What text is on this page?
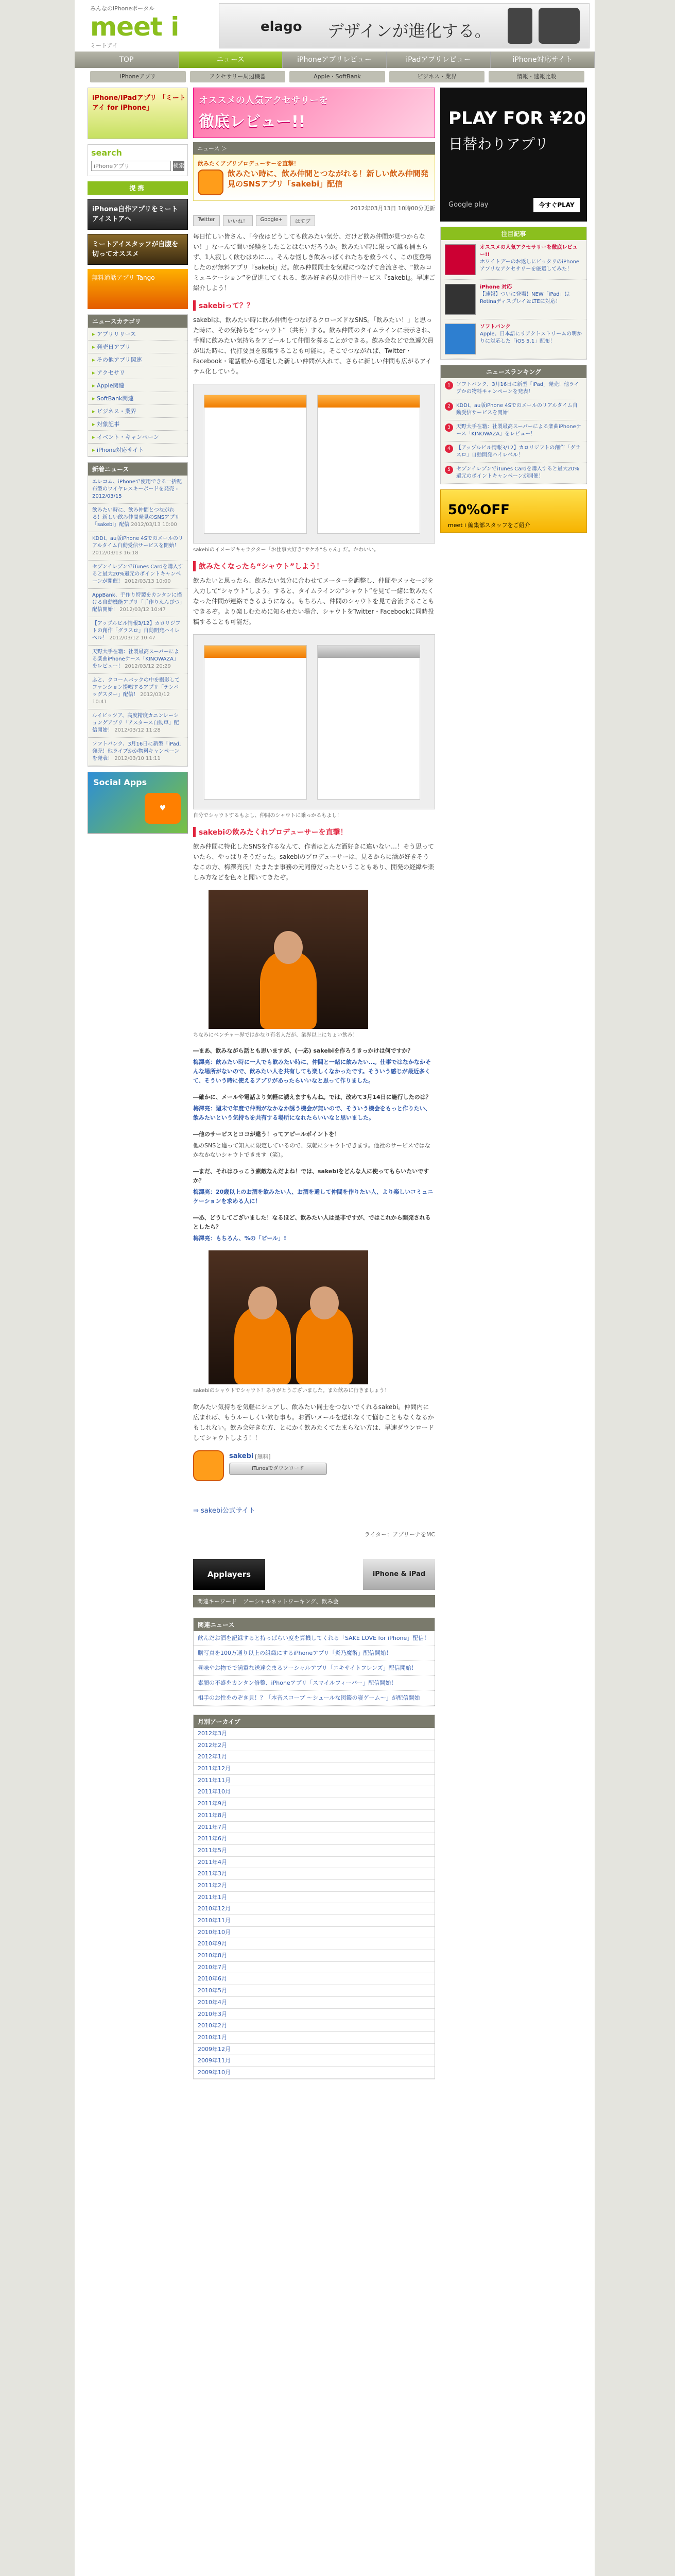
みんなのiPhoneポータル
meet i
ミートアイ
elago デザインが進化する。
TOP	ニュース	iPhoneアプリレビュー	iPadアプリレビュー	iPhone対応サイト
iPhoneアプリ	アクセサリー周辺機器	Apple・SoftBank	ビジネス・業界	情報・速報比較
iPhone/iPadアプリ 「ミートアイ for iPhone」
search
iPhoneアプリ
検索
提携
iPhone自作アプリをミートアイストアへ
ミートアイスタッフが自腹を切ってオススメ
無料通話アプリ Tango
ニュースカテゴリ
▸ アプリリリース
▸ 発売日アプリ
▸ その他アプリ関連
▸ アクセサリ
▸ Apple関連
▸ SoftBank関連
▸ ビジネス・業界
▸ 対象記事
▸ イベント・キャンペーン
▸ iPhone対応サイト
新着ニュース
エレコム、iPhoneで使用できる一括配布型のワイヤレスキーボードを発売 - 2012/03/15
飲みたい時に、飲み仲間とつながれる！新しい飲み仲間発見のSNSアプリ「sakebi」配信 2012/03/13 10:00
KDDI、au版iPhone 4Sでのメールのリアルタイム自動受信サービスを開始！ 2012/03/13 16:18
セブンイレブンでiTunes Cardを購入すると最大20%還元のポイントキャンペーンが開催！ 2012/03/13 10:00
AppBank、手作り特製をカンタンに描ける自動機能アプリ「手作りえんぴつ」配信開始！ 2012/03/12 10:47
【アップルビル情報3/12】カロリジフトの創作「グラスロ」自動開発ハイレベル！ 2012/03/12 10:47
天野大手在籍：社製最高スーパーによる楽曲iPhoneケース「KINOWAZA」をレビュー！ 2012/03/12 20:29
ふと、クロームバックの中を撮影してファンション提唱するアプリ「テンバッグスター」配信！ 2012/03/12 10:41
ルイビッツア、高度精度カニンレーショングアプリ「アスタース自動車」配信開始！ 2012/03/12 11:28
ソフトバンク、3月16日に新型「iPad」発売！他ライブかか物料キャンペーンを発表！ 2012/03/10 11:11
Social Apps
♥
オススメの人気アクセサリーを
徹底レビュー!!
ニュース ＞
飲みたくアプリプロデューサーを直撃！
飲みたい時に、飲み仲間とつながれる！新しい飲み仲間発見のSNSアプリ「sakebi」配信
2012年03月13日 10時00分更新
Twitter	いいね！	Google+	はてブ

毎日忙しい皆さん、「今夜はどうしても飲みたい気分、だけど飲み仲間が見つからない！」なーんて間い経験をしたことはないだろうか。飲みたい時に限って誰も捕まらず、1人寂しく飲むはめに…。そんな悩しき飲みっぱくれたちを救うべく、この度登場したのが無料アプリ『sakebi』だ。飲み仲間同士を気軽につなげて合流させ、“飲みコミュニケーション”を促進してくれる、飲み好き必見の注目サービス『sakebi』。早速ご紹介しよう！

sakebiって？？

sakebiは、飲みたい時に飲み仲間をつなげるクローズドなSNS。「飲みたい！」と思った時に、その気持ちを“シャウト”（共有）する。飲み仲間のタイムラインに表示され、手軽に飲みたい気持ちをアピールして仲間を募ることができる。飲み会などで急遽欠員が出た時に、代打要員を募集することも可能に。そこでつながれば、Twitter・Facebook・電話帳から選定した新しい仲間が入れて、さらに新しい仲間も広がるアイテム化していう。

sakebiのイメージキャラクター「お仕事大好き”サケネ”ちゃん」だ。かわいい。
飲みたくなったら“シャウト”しよう！

飲みたいと思ったら、飲みたい気分に合わせてメーターを調整し、仲間やメッセージを入力して“シャウト”しよう。すると、タイムラインの“シャウト”を見て一緒に飲みたくなった仲間が連絡できるようになる。もちろん、仲間のシャウトを見て合流することもできるぞ。より楽しむために知らせたい場合、シャウトをTwitter・Facebookに同時投稿することも可能だ。

自分でシャウトするもよし、仲間のシャウトに乗っかるもよし！
sakebiの飲みたくれプロデューサーを直撃！

飲み仲間に特化したSNSを作るなんて、作者はとんだ酒好きに違いない…！そう思っていたら、やっぱりそうだった。sakebiのプロデューサーは、見るからに酒が好きそうなこの方、梅澤亮氏！たまたま事務の元同僚だったということもあり、開発の経緯や楽しみ方などを色々と聞いてきたぞ。

ちなみにベンチャー界ではかなり有名人だが、業界以上にちょい飲み！
―まあ、飲みながら話とも思いますが、(一応) sakebiを作ろうきっかけは何ですか？
梅澤亮：飲みたい時に一人でも飲みたい時に、仲間と一緒に飲みたい…。仕事ではなかなかそんな場所がないので、飲みたい人を共有しても楽しくなかったです。そういう感じが最近多くて、そういう時に使えるアプリがあったらいいなと思って作りました。
―確かに、メールや電話より気軽に誘えますもんね。では、改めて3月14日に施行したのは？
梅澤亮：週末で年度で仲間がなかなか誘う機会が無いので、そういう機会をもっと作りたい、飲みたいという気持ちを共有する場所になれたらいいなと思いました。
―他のサービスとココが違う！ってアピールポイントを！
他のSNSと違って知人に限定しているので、気軽にシャウトできます。他社のサービスではなかなかないシャウトできます（笑）。
―まだ、それはひっこう素敵なんだよね！では、sakebiをどんな人に使ってもらいたいですか？
梅澤亮：20歳以上のお酒を飲みたい人、お酒を通して仲間を作りたい人、より楽しいコミュニケーションを求める人に！
―あ、どうしてございました！なるほど、飲みたい人は是非ですが、ではこれから開発されるとしたら？
梅澤亮：もちろん、%の「ビール」!
sakebiのシャウトでシャウト！ありがとうございました。また飲みに行きましょう！

飲みたい気持ちを気軽にシェアし、飲みたい同士をつないでくれるsakebi。仲間内に広まれば、もうルーしくい飲む事も。お酒いメールを送れなくて悩むこともなくなるかもしれない。飲み会好きな方、とにかく飲みたくてたまらない方は、早速ダウンロードしてシャウトしよう！！

sakebi [無料]
iTunesでダウンロード
⇒ sakebi公式サイト
ライター：アプリーナをMC
Applayers	iPhone & iPad
関連キーワード ソーシャルネットワーキング、飲み会
関連ニュース
飲んだお酒を記録すると持っぱらい度を算機してくれる「SAKE LOVE for iPhone」配信！
購写真を100万通り以上の組織にするiPhoneアプリ「炎乃魔術」配信開始！
昼味やお物でで満重な送達会まるソーシャルアプリ「エキサイトフレンズ」配信開始！
素顔の不盛をカンタン修整、iPhoneアプリ「スマイルフィーバー」配信開始！
相手のお性をのぞき見！？「本音スコープ ～シュールな図鑑の寝ゲーム～」が配信開始
月別アーカイブ
2012年3月
2012年2月
2012年1月
2011年12月
2011年11月
2011年10月
2011年9月
2011年8月
2011年7月
2011年6月
2011年5月
2011年4月
2011年3月
2011年2月
2011年1月
2010年12月
2010年11月
2010年10月
2010年9月
2010年8月
2010年7月
2010年6月
2010年5月
2010年4月
2010年3月
2010年2月
2010年1月
2009年12月
2009年11月
2009年10月
PLAY FOR ¥20
日替わりアプリ
Google play	今すぐPLAY
注目記事
オススメの人気アクセサリーを徹底レビュー!!
ホワイトデーのお返しにピッタリのiPhoneアプリなアクセサリーを厳選してみた！
iPhone 対応
【速報】ついに登場！NEW「iPad」はRetinaディスプレイ＆LTEに対応！
ソフトバンク
Apple、日本語にリアクトストリームの明かりに対応した「iOS 5.1」配布！
ニュースランキング
1	ソフトバンク、3月16日に新型「iPad」発売！他ライブかの物料キャンペーンを発表！
2	KDDI、au版iPhone 4Sでのメールのリアルタイム自動受信サービスを開始！
3	天野大手在籍：社製最高スーパーによる楽曲iPhoneケース「KINOWAZA」をレビュー！
4	【アップルビル情報3/12】カロリジフトの創作「グラスロ」自動開発ハイレベル！
5	セブンイレブンでiTunes Cardを購入すると最大20%還元のポイントキャンペーンが開催！
50%OFF
meet i 編集部スタッフをご紹介
